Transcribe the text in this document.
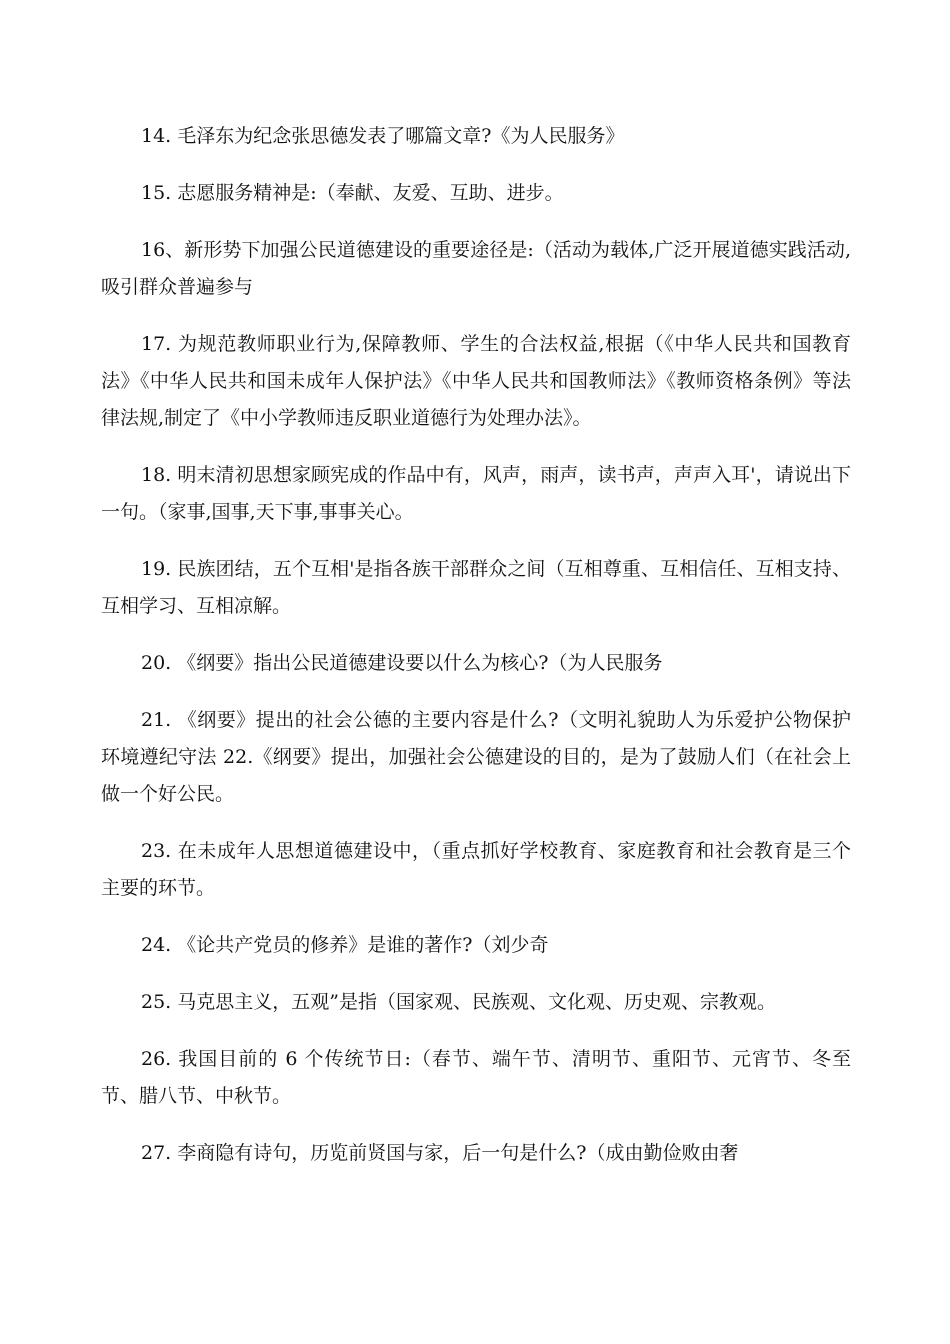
14. 毛泽东为纪念张思德发表了哪篇文章?《为人民服务》

15. 志愿服务精神是:（奉献、友爱、互助、进步。

16、新形势下加强公民道德建设的重要途径是:（活动为载体,广泛开展道德实践活动,吸引群众普遍参与

17. 为规范教师职业行为,保障教师、学生的合法权益,根据（《中华人民共和国教育法》《中华人民共和国未成年人保护法》《中华人民共和国教师法》《教师资格条例》等法律法规,制定了《中小学教师违反职业道德行为处理办法》。

18. 明末清初思想家顾宪成的作品中有，风声，雨声，读书声，声声入耳'，请说出下一句。（家事,国事,天下事,事事关心。

19. 民族团结，五个互相'是指各族干部群众之间（互相尊重、互相信任、互相支持、互相学习、互相凉解。

20. 《纲要》指出公民道德建设要以什么为核心?（为人民服务

21. 《纲要》提出的社会公德的主要内容是什么?（文明礼貌助人为乐爱护公物保护环境遵纪守法 22.《纲要》提出，加强社会公德建设的目的，是为了鼓励人们（在社会上做一个好公民。

23. 在未成年人思想道德建设中，（重点抓好学校教育、家庭教育和社会教育是三个主要的环节。

24. 《论共产党员的修养》是谁的著作?（刘少奇

25. 马克思主义，五观”是指（国家观、民族观、文化观、历史观、宗教观。

26. 我国目前的 6 个传统节日:（春节、端午节、清明节、重阳节、元宵节、冬至节、腊八节、中秋节。

27. 李商隐有诗句，历览前贤国与家，后一句是什么?（成由勤俭败由奢
